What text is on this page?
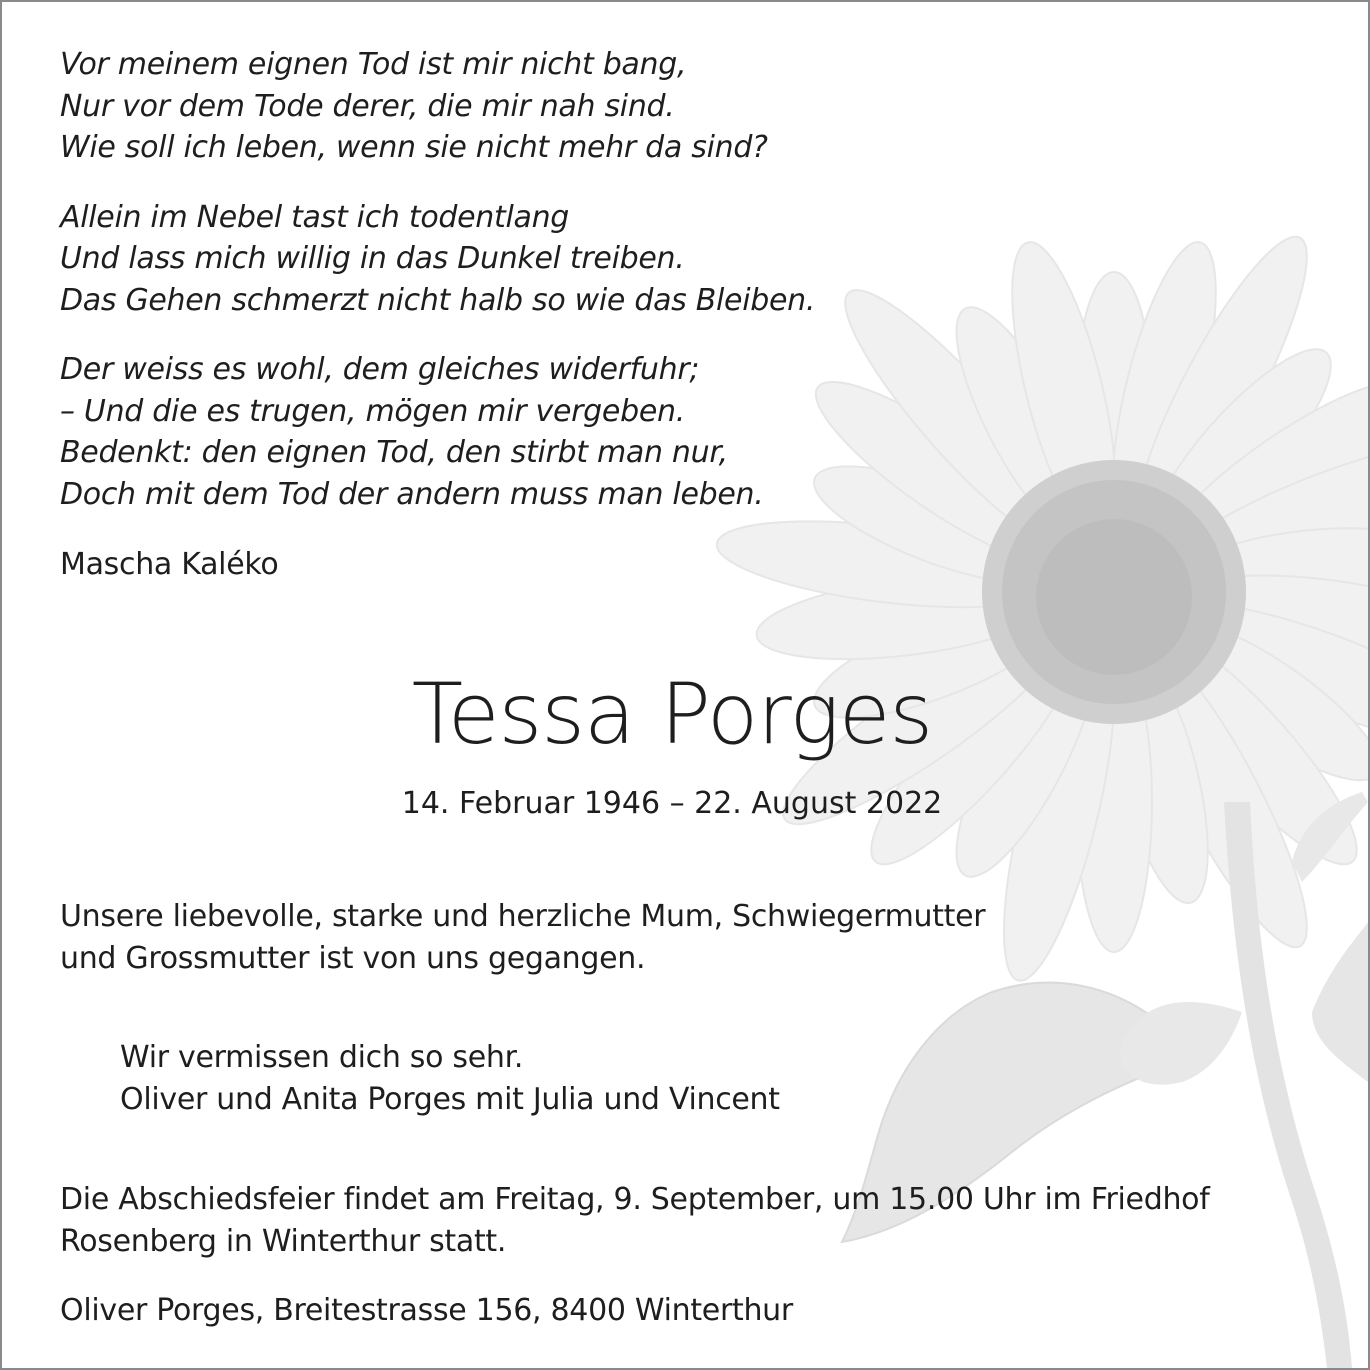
Vor meinem eignen Tod ist mir nicht bang,
Nur vor dem Tode derer, die mir nah sind.
Wie soll ich leben, wenn sie nicht mehr da sind?
Allein im Nebel tast ich todentlang
Und lass mich willig in das Dunkel treiben.
Das Gehen schmerzt nicht halb so wie das Bleiben.
Der weiss es wohl, dem gleiches widerfuhr;
– Und die es trugen, mögen mir vergeben.
Bedenkt: den eignen Tod, den stirbt man nur,
Doch mit dem Tod der andern muss man leben.
Mascha Kaléko
Tessa Porges
14. Februar 1946 – 22. August 2022
Unsere liebevolle, starke und herzliche Mum, Schwiegermutter
und Grossmutter ist von uns gegangen.
Wir vermissen dich so sehr.
Oliver und Anita Porges mit Julia und Vincent
Die Abschiedsfeier findet am Freitag, 9. September, um 15.00 Uhr im Friedhof
Rosenberg in Winterthur statt.
Oliver Porges, Breitestrasse 156, 8400 Winterthur
